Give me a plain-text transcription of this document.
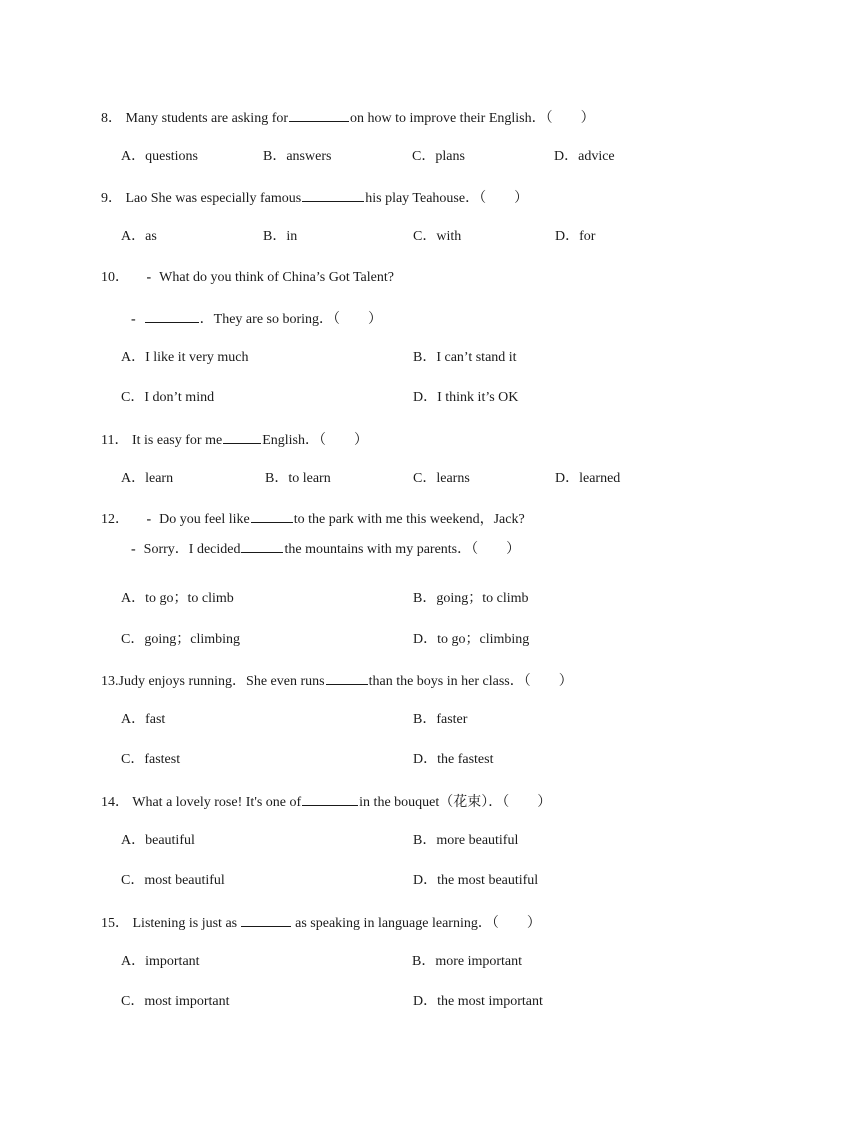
8． Many students are asking for	on how to improve their English．（　　）
A．questions	B．answers	C．plans	D．advice
9． Lao She was especially famous	his play Teahouse．（　　）
A．as	B．in	C．with	D．for
10． - What do you think of China’s Got Talent?
-	．They are so boring．（　　）
A．I like it very much	B．I can’t stand it
C．I don’t mind	D．I think it’s OK
11． It is easy for me	English．（　　）
A．learn	B．to learn	C．learns	D．learned
12． - Do you feel like	to the park with me this weekend，Jack?
- Sorry．I decided	the mountains with my parents．（　　）
A．to go；to climb	B．going；to climb
C．going；climbing	D．to go；climbing
13.Judy enjoys running．She even runs	than the boys in her class．（　　）
A．fast	B．faster
C．fastest	D．the fastest
14． What a lovely rose! It's one of	in the bouquet（花束）．（　　）
A．beautiful	B．more beautiful
C．most beautiful	D．the most beautiful
15． Listening is just as	as speaking in language learning．（　　）
A．important	B．more important
C．most important	D．the most important
